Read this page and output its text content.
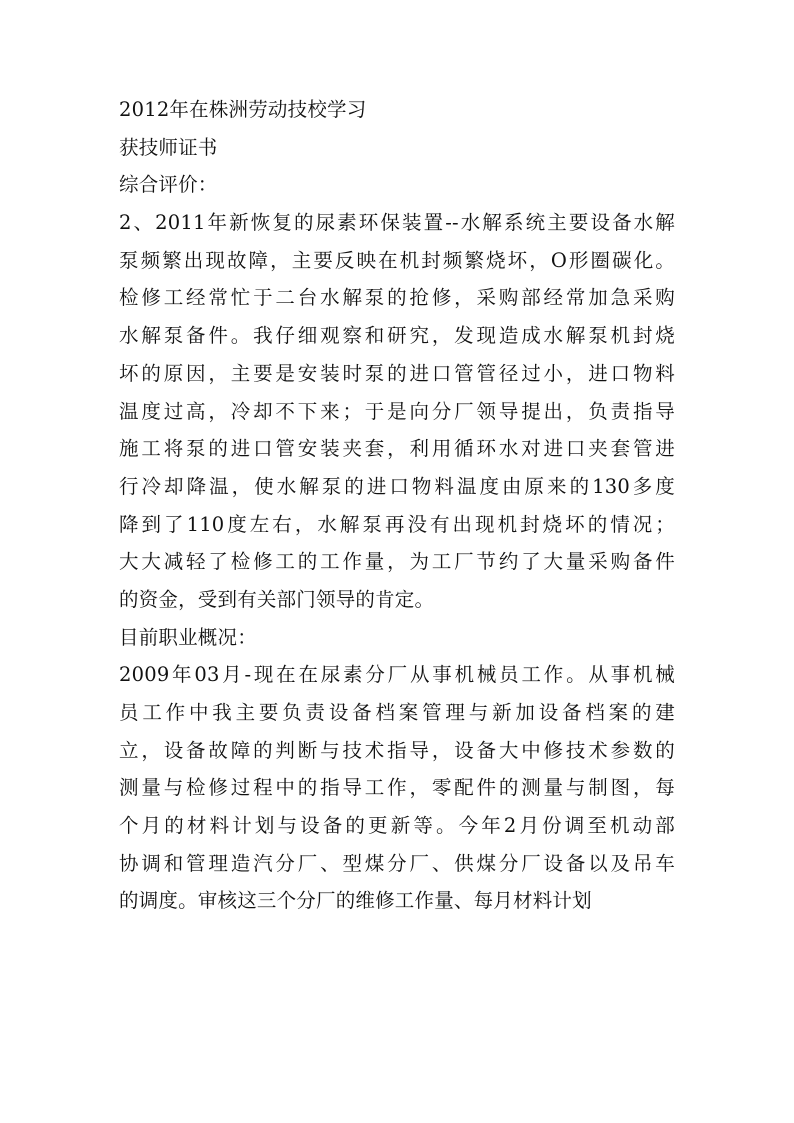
2012年在株洲劳动技校学习
获技师证书
综合评价：
2、2011年新恢复的尿素环保装置--水解系统主要设备水解
泵频繁出现故障，主要反映在机封频繁烧坏，O形圈碳化。
检修工经常忙于二台水解泵的抢修，采购部经常加急采购
水解泵备件。我仔细观察和研究，发现造成水解泵机封烧
坏的原因，主要是安装时泵的进口管管径过小，进口物料
温度过高，冷却不下来；于是向分厂领导提出，负责指导
施工将泵的进口管安装夹套，利用循环水对进口夹套管进
行冷却降温，使水解泵的进口物料温度由原来的130多度
降到了110度左右，水解泵再没有出现机封烧坏的情况；
大大减轻了检修工的工作量，为工厂节约了大量采购备件
的资金，受到有关部门领导的肯定。
目前职业概况：
2009年03月-现在在尿素分厂从事机械员工作。从事机械
员工作中我主要负责设备档案管理与新加设备档案的建
立，设备故障的判断与技术指导，设备大中修技术参数的
测量与检修过程中的指导工作，零配件的测量与制图，每
个月的材料计划与设备的更新等。今年2月份调至机动部
协调和管理造汽分厂、型煤分厂、供煤分厂设备以及吊车
的调度。审核这三个分厂的维修工作量、每月材料计划
